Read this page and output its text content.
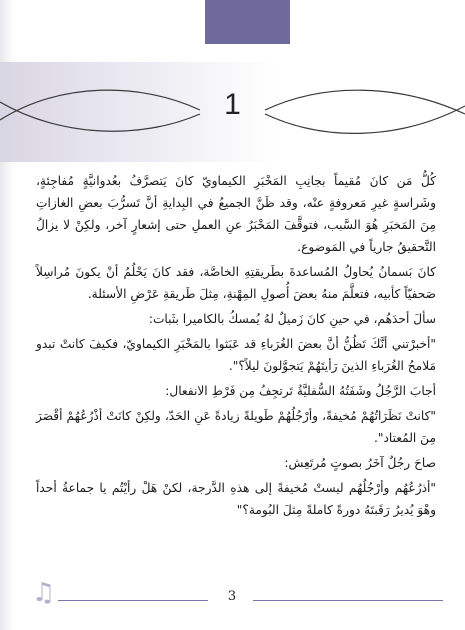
1

كُلُّ مَن كانَ مُقيماً بجانِبِ المَخْبَرِ الكيماويّ كانَ يَتصرَّفُ بعُدوانيَّةٍ مُفاجِئةٍ، وشَراسةٍ غيرِ مَعروفةٍ عنْه، وقد ظَنَّ الجميعُ في البِدايةِ أنَّ تَسرُّبَ بعضِ الغازاتِ مِنَ المَخبَرِ هُوَ السَّبب، فتوقَّفَ المَخْبَرُ عنِ العملِ حتى إشعارٍ آخر، ولكِنْ لا يزالُ التَّحقيقُ جارياً في المَوضوع.

كانَ بَسمانُ يُحاولُ المُساعدةَ بطَريقتِهِ الخاصَّة، فقد كانَ يَحْلُمُ أنْ يكونَ مُراسِلاً صَحفيّاً كأبيه، فتعلَّمَ منهُ بعضَ أُصولِ المِهْنةِ، مِثلَ طَريقةِ عَرْضِ الأسئلة.

سألَ أحدَهُم، في حينِ كانَ زَميلٌ لهُ يُمسكُ بالكاميرا بثَبات:

"أخبرْتني أنَّكَ تَظُنُّ أنَّ بعضَ الغُرَباءِ قد عَبَثوا بالمَخْبَرِ الكيماويّ، فكيفَ كانتْ تبدو مَلامحُ الغُرَباءِ الذينَ رَأيتَهُمْ يَتجوَّلونَ ليلاً؟".

أجابَ الرَّجُلُ وشَفَتُهُ السُّفليَّةُ تَرتجِفُ مِن فَرْطِ الانفعال:

"كانتْ نَظَرَاتُهُمْ مُخيفةً، وأرْجُلُهُمْ طَويلةً زيادةً عَنِ الحَدّ، ولكِنْ كانَتْ أذْرُعُهُمْ أقْصَرَ مِنَ المُعتاد".

صاحَ رجُلٌ آخَرُ بصوتٍ مُرتَعِش:

"أذرُعُهُم وأرْجُلُهُم ليستْ مُخيفةً إلى هذهِ الدَّرجة، لكنْ هَلْ رأيْتُم يا جماعةُ أحداً وهْوَ يُديرُ رَقَبتَهُ دورةً كاملةً مِثلَ البُومة؟"

♫	3
